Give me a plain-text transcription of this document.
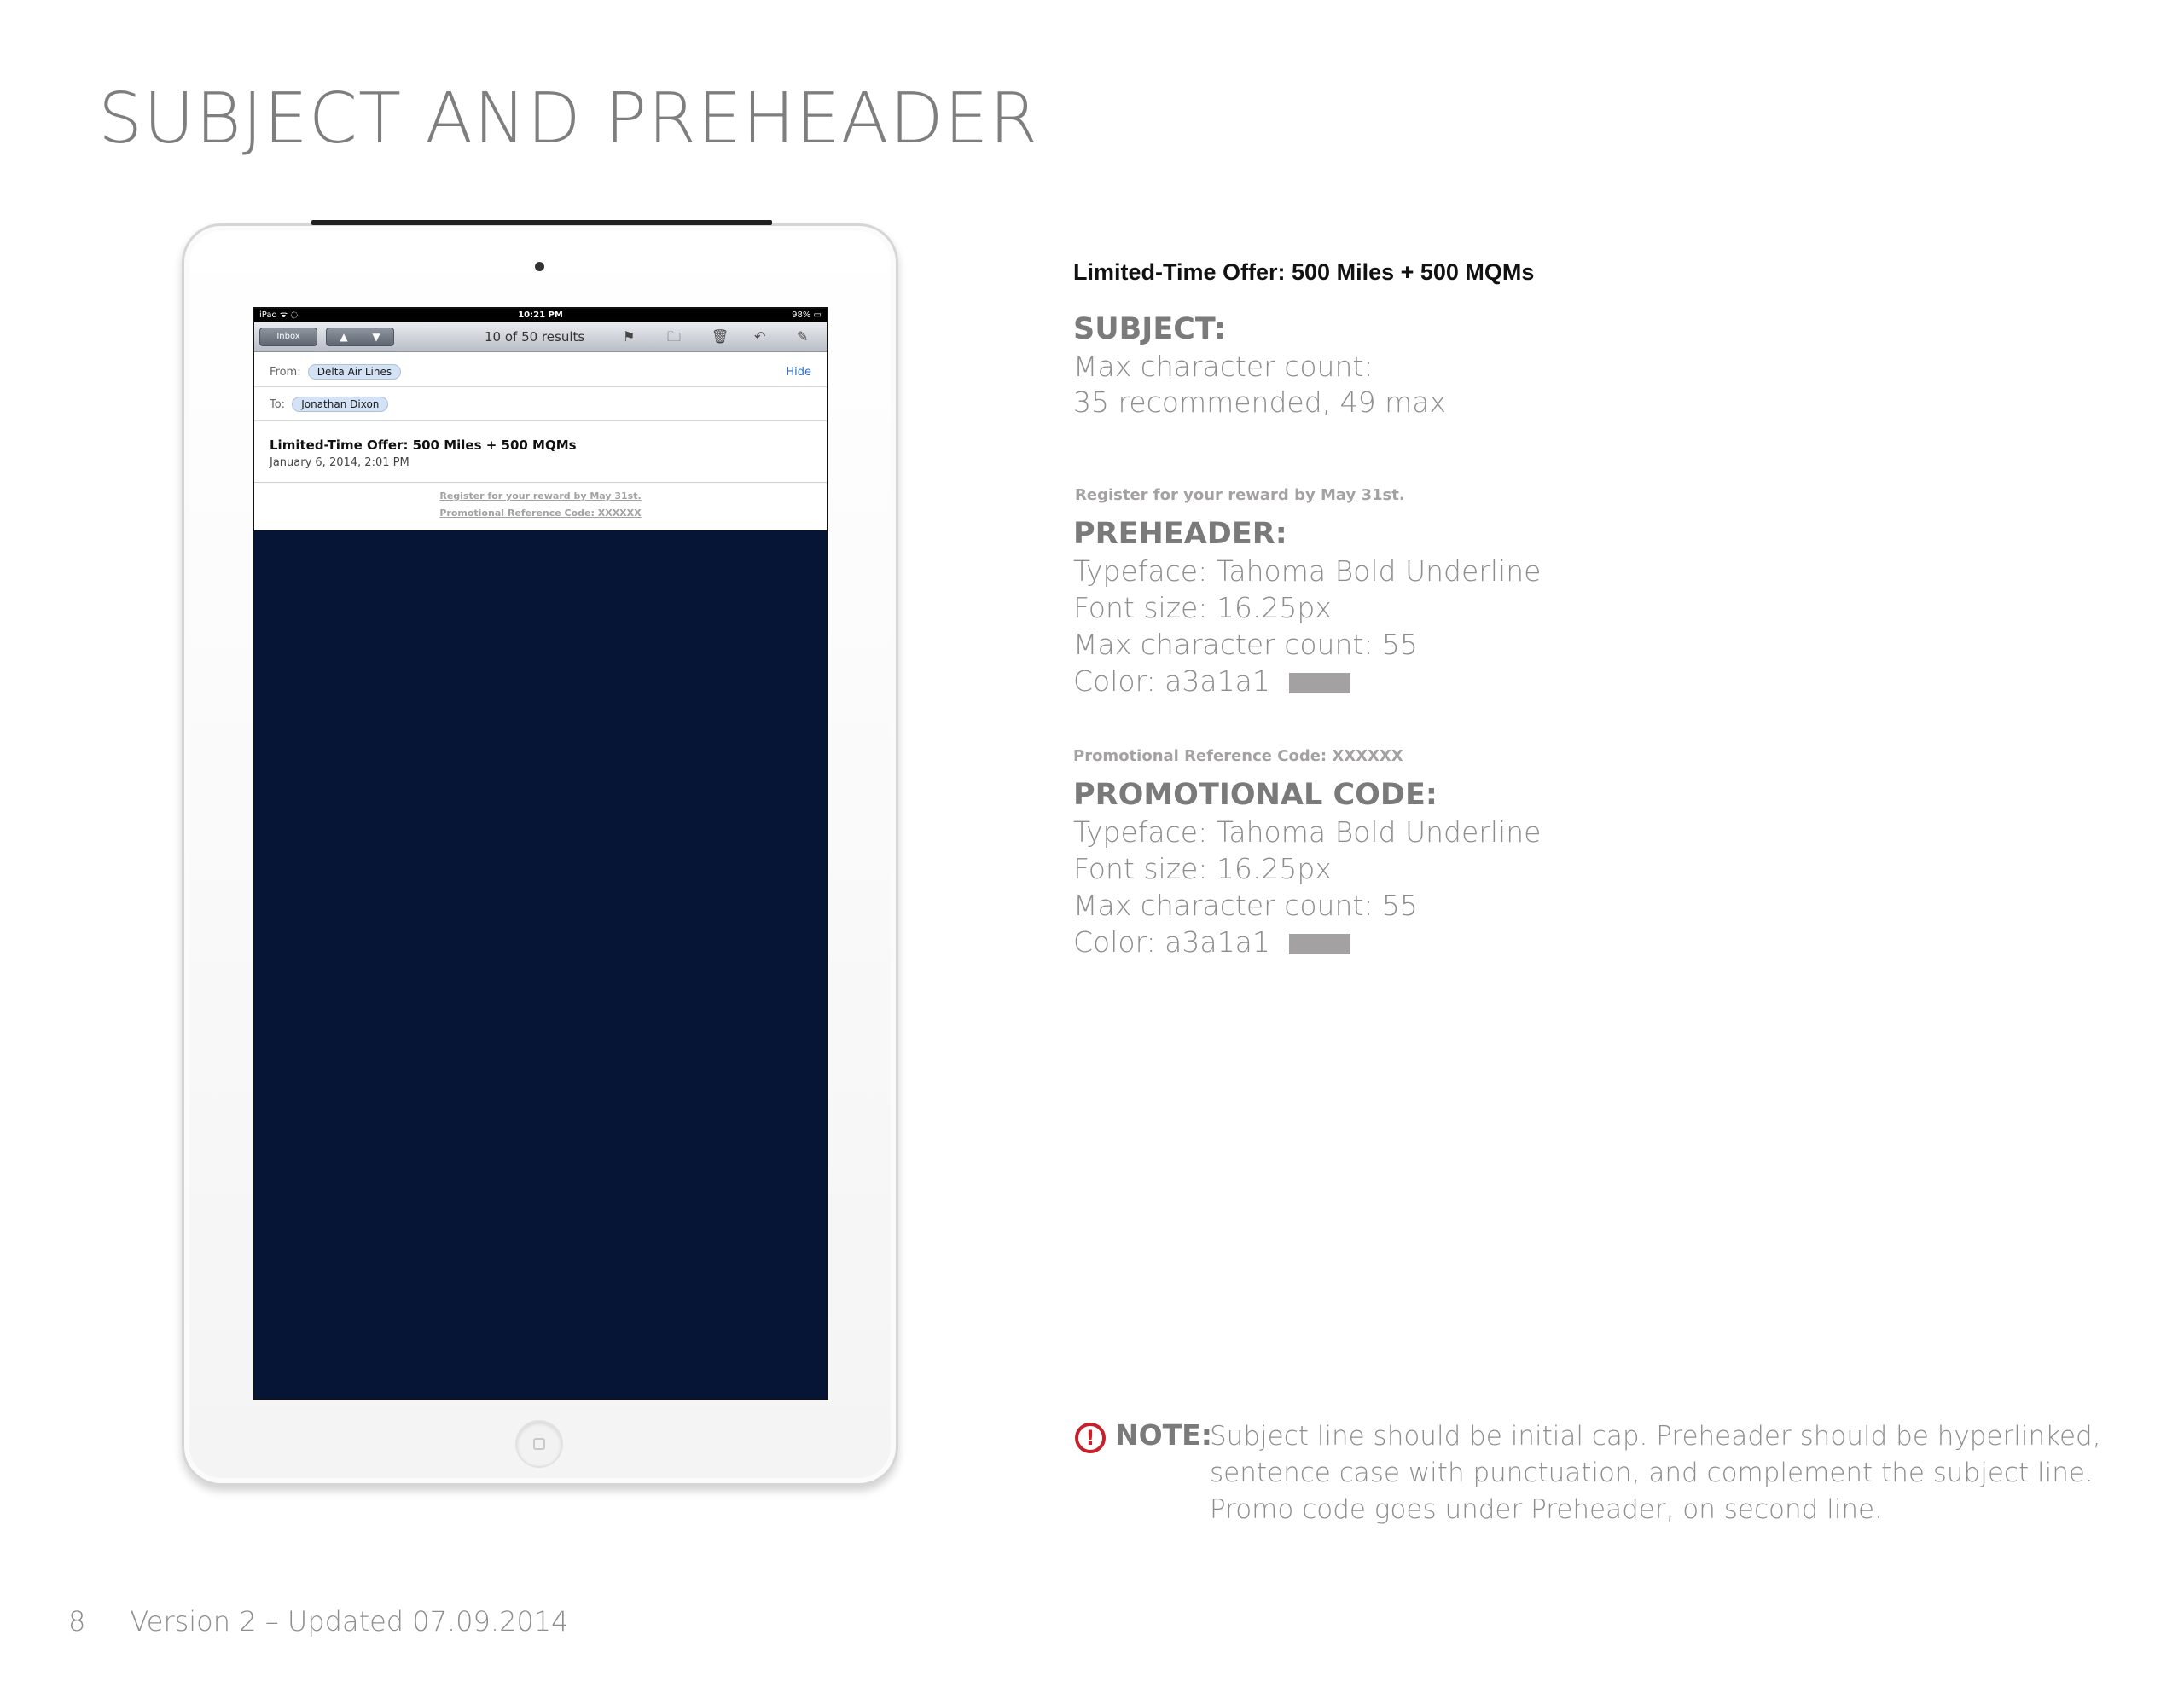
SUBJECT AND PREHEADER
iPad ᯤ ◌	10:21 PM	98% ▭
Inbox	▲ ▼	10 of 50 results	⚑ 🗀 🗑 ↶ ✎
From: Delta Air Lines	Hide
To: Jonathan Dixon
Limited-Time Offer: 500 Miles + 500 MQMs
January 6, 2014, 2:01 PM
Register for your reward by May 31st.
Promotional Reference Code: XXXXXX
Limited-Time Offer: 500 Miles + 500 MQMs
SUBJECT:
Max character count:
35 recommended, 49 max
Register for your reward by May 31st.
PREHEADER:
Typeface: Tahoma Bold Underline
Font size: 16.25px
Max character count: 55
Color: a3a1a1
Promotional Reference Code: XXXXXX
PROMOTIONAL CODE:
Typeface: Tahoma Bold Underline
Font size: 16.25px
Max character count: 55
Color: a3a1a1
! NOTE:
Subject line should be initial cap. Preheader should be hyperlinked,
sentence case with punctuation, and complement the subject line.
Promo code goes under Preheader, on second line.
8 Version 2 – Updated 07.09.2014
